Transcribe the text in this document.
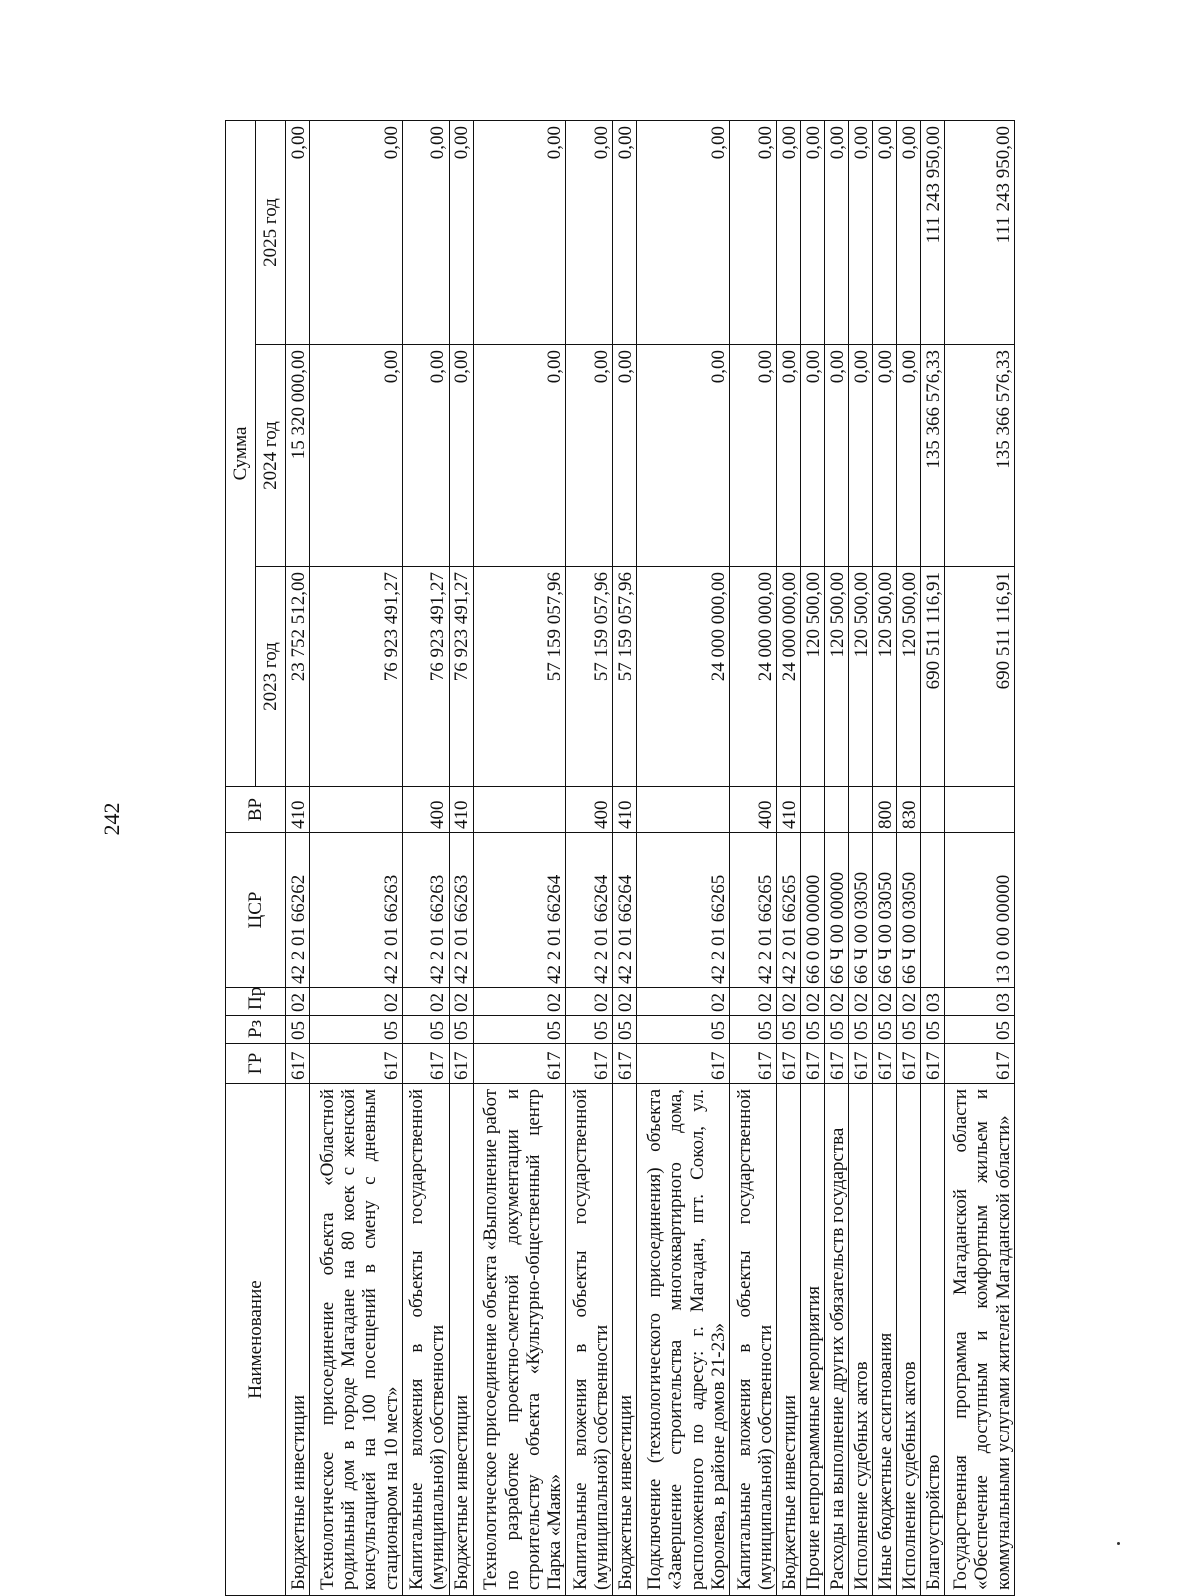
242
Наименование	ГР	Рз	Пр	ЦСР	ВР	Сумма		
						2023 год	2024 год	2025 год
Бюджетные инвестиции	617	05	02	42 2 01 66262	410	23 752 512,00	15 320 000,00	0,00
Технологическое присоединение объекта «Областной родильный дом в городе Магадане на 80 коек с женской консультацией на 100 посещений в смену с дневным стационаром на 10 мест»	617	05	02	42 2 01 66263		76 923 491,27	0,00	0,00
Капитальные вложения в объекты государственной (муниципальной) собственности	617	05	02	42 2 01 66263	400	76 923 491,27	0,00	0,00
Бюджетные инвестиции	617	05	02	42 2 01 66263	410	76 923 491,27	0,00	0,00
Технологическое присоединение объекта «Выполнение работ по разработке проектно-сметной документации и строительству объекта «Культурно-общественный центр Парка «Маяк»	617	05	02	42 2 01 66264		57 159 057,96	0,00	0,00
Капитальные вложения в объекты государственной (муниципальной) собственности	617	05	02	42 2 01 66264	400	57 159 057,96	0,00	0,00
Бюджетные инвестиции	617	05	02	42 2 01 66264	410	57 159 057,96	0,00	0,00
Подключение (технологического присоединения) объекта «Завершение строительства многоквартирного дома, расположенного по адресу: г. Магадан, пгт. Сокол, ул. Королева, в районе домов 21-23»	617	05	02	42 2 01 66265		24 000 000,00	0,00	0,00
Капитальные вложения в объекты государственной (муниципальной) собственности	617	05	02	42 2 01 66265	400	24 000 000,00	0,00	0,00
Бюджетные инвестиции	617	05	02	42 2 01 66265	410	24 000 000,00	0,00	0,00
Прочие непрограммные мероприятия	617	05	02	66 0 00 00000		120 500,00	0,00	0,00
Расходы на выполнение других обязательств государства	617	05	02	66 Ч 00 00000		120 500,00	0,00	0,00
Исполнение судебных актов	617	05	02	66 Ч 00 03050		120 500,00	0,00	0,00
Иные бюджетные ассигнования	617	05	02	66 Ч 00 03050	800	120 500,00	0,00	0,00
Исполнение судебных актов	617	05	02	66 Ч 00 03050	830	120 500,00	0,00	0,00
Благоустройство	617	05	03			690 511 116,91	135 366 576,33	111 243 950,00
Государственная программа Магаданской области «Обеспечение доступным и комфортным жильем и коммунальными услугами жителей Магаданской области»	617	05	03	13 0 00 00000		690 511 116,91	135 366 576,33	111 243 950,00
